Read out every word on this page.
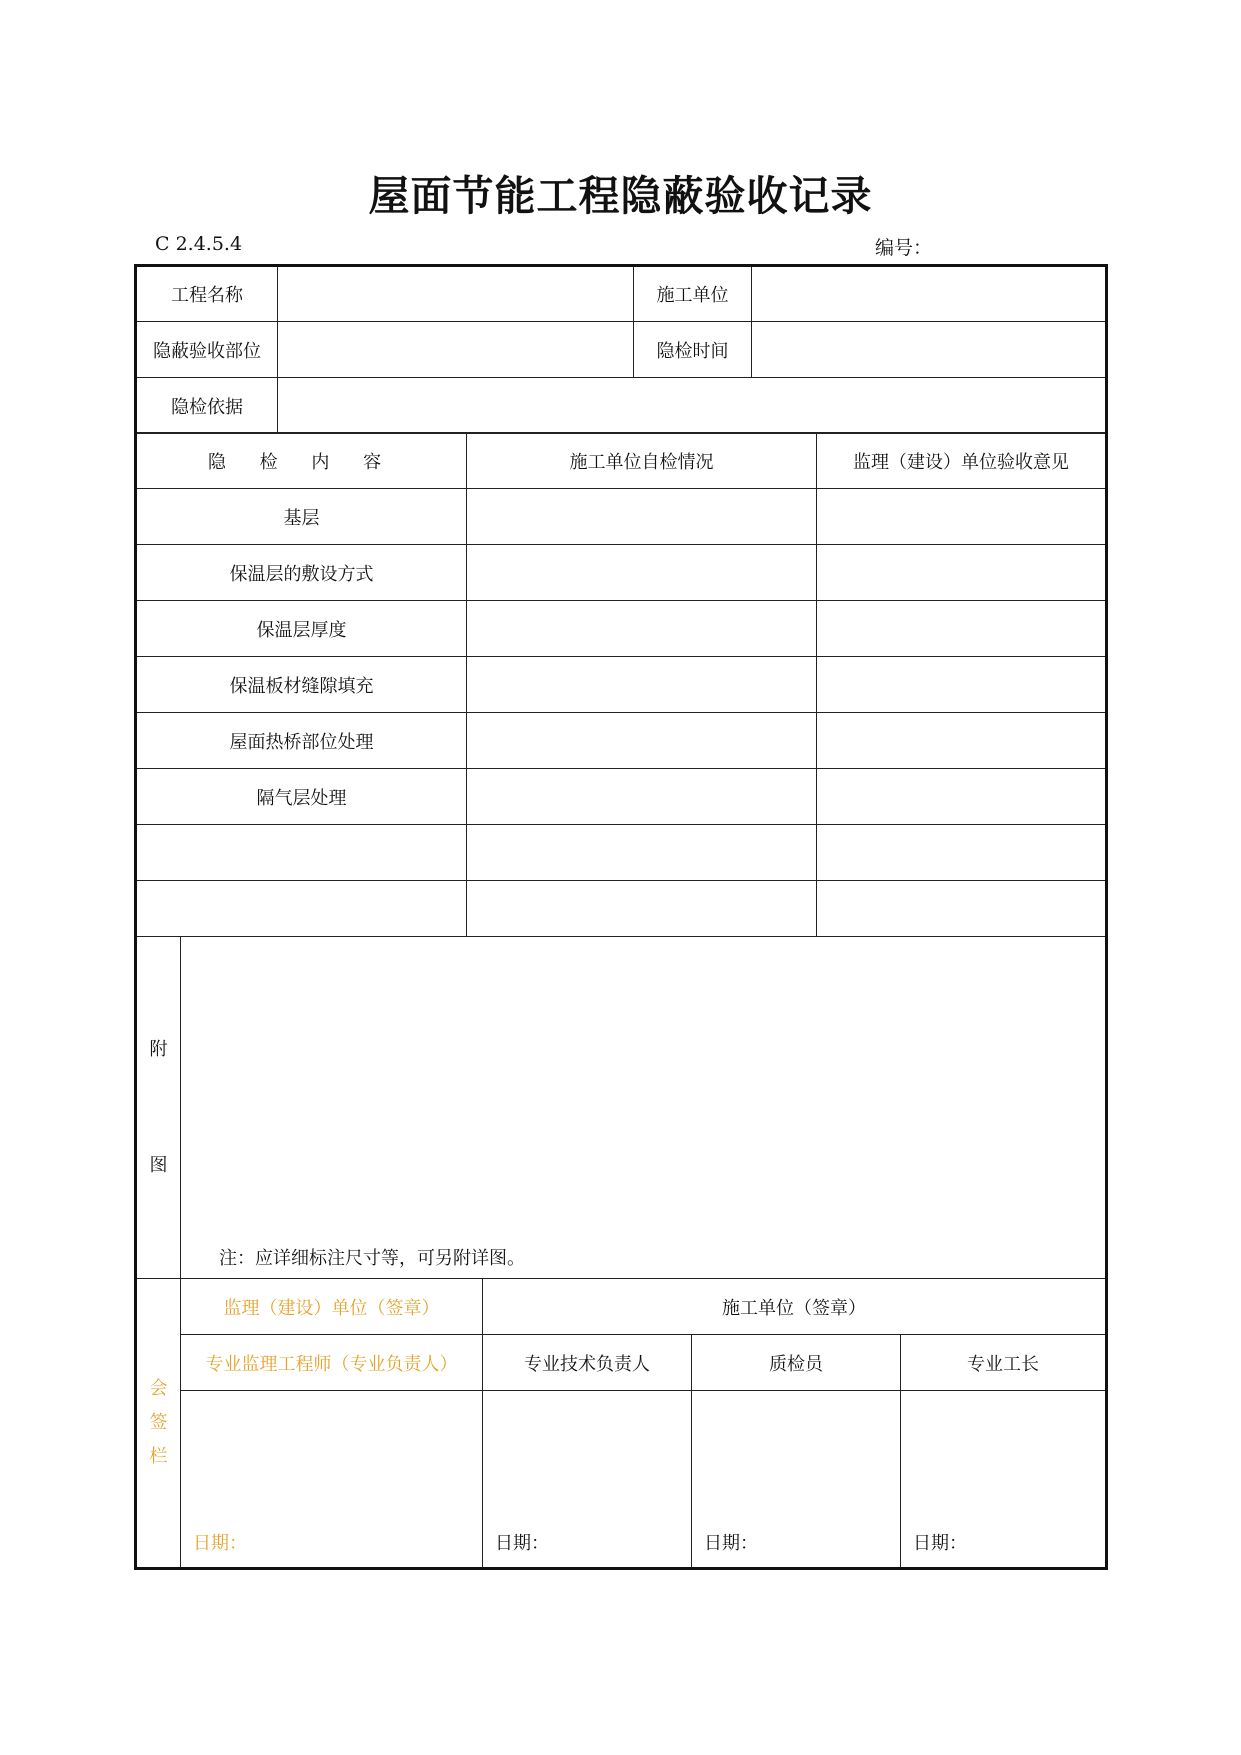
屋面节能工程隐蔽验收记录
C 2.4.5.4	编号：
工程名称		施工单位	
隐蔽验收部位		隐检时间	
隐检依据			
隐 检 内 容	施工单位自检情况	监理（建设）单位验收意见
基层		
保温层的敷设方式		
保温层厚度		
保温板材缝隙填充		
屋面热桥部位处理		
隔气层处理		

附
图
	注：应详细标注尺寸等，可另附详图。
会
签
栏	监理（建设）单位（签章）	施工单位（签章）		
	专业监理工程师（专业负责人）	专业技术负责人	质检员	专业工长
	日期：	日期：	日期：	日期：
